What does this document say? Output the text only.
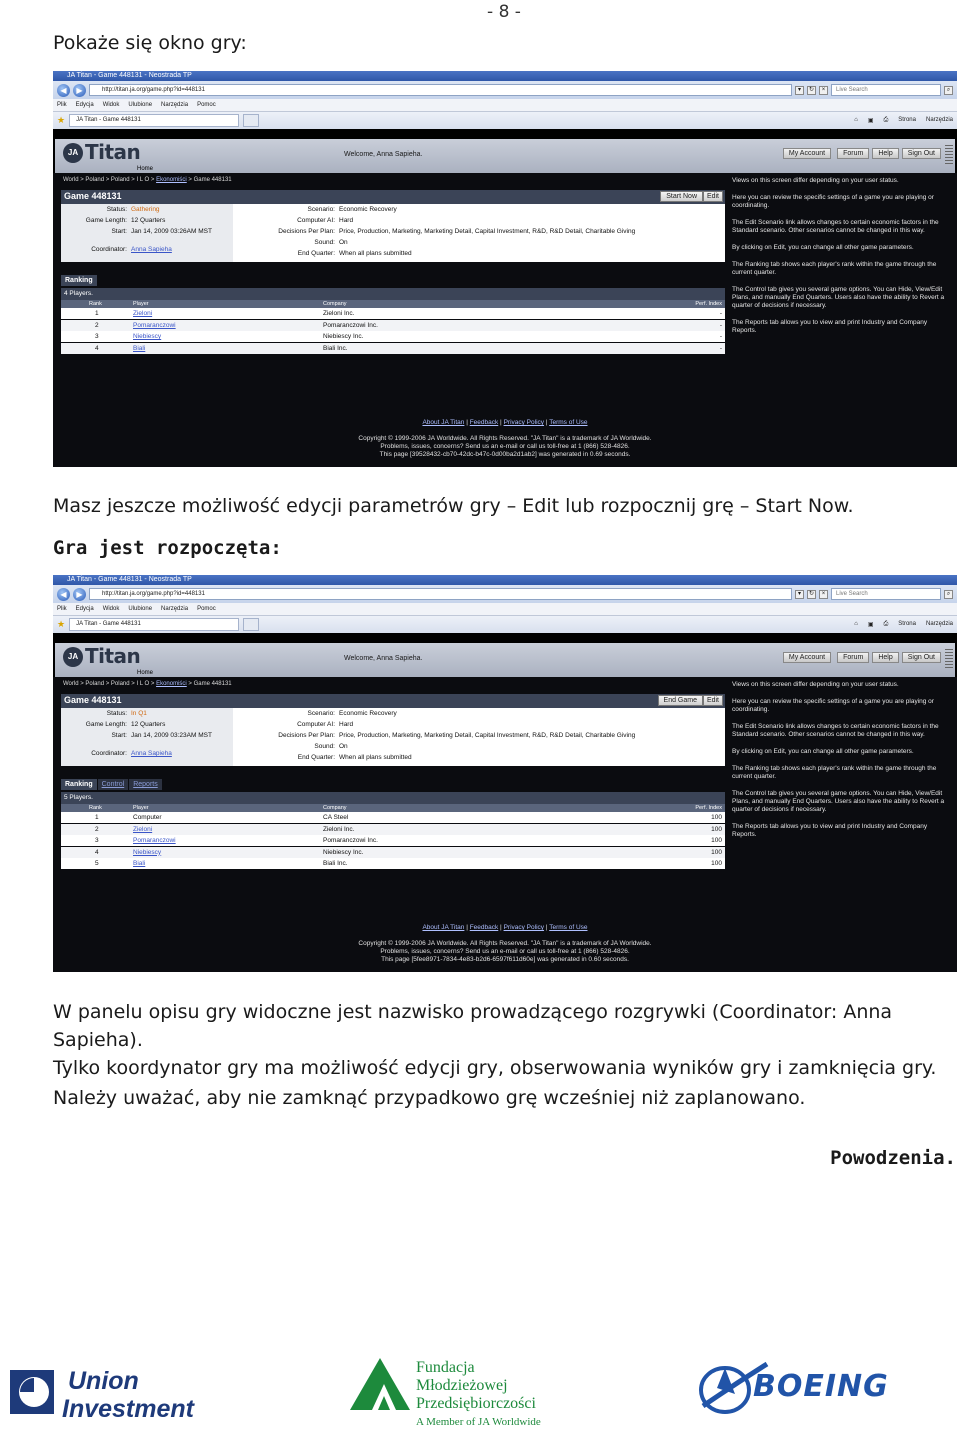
- 8 -
Pokaże się okno gry:
JA Titan - Game 448131 - Neostrada TP
◀	▶	http://titan.ja.org/game.php?id=448131	▾	↻	×	Live Search	⌕
Plik Edycja Widok Ulubione Narzędzia Pomoc
★	JA Titan - Game 448131	⌂ ▣ ⎙ Strona Narzędzia
JA Titan
Home
Welcome, Anna Sapieha.	My Account	Forum	Help	Sign Out
World > Poland > Poland > I L O > Ekonomiści > Game 448131
Game 448131	Start Now	Edit
Status: Gathering
Game Length: 12 Quarters
Start: Jan 14, 2009 03:26AM MST
Coordinator: Anna Sapieha
Scenario: Economic Recovery
Computer AI: Hard
Decisions Per Plan: Price, Production, Marketing, Marketing Detail, Capital Investment, R&D, R&D Detail, Charitable Giving
Sound: On
End Quarter: When all plans submitted
Ranking
4 Players.
Rank	Player	Company	Perf. Index
1	Zieloni	Zieloni Inc.	-
2	Pomaranczowi	Pomaranczowi Inc.	-
3	Niebiescy	Niebiescy Inc.	-
4	Biali	Biali Inc.	-

Views on this screen differ depending on your user status.

Here you can review the specific settings of a game you are playing or coordinating.

The Edit Scenario link allows changes to certain economic factors in the Standard scenario. Other scenarios cannot be changed in this way.

By clicking on Edit, you can change all other game parameters.

The Ranking tab shows each player's rank within the game through the current quarter.

The Control tab gives you several game options. You can Hide, View/Edit Plans, and manually End Quarters. Users also have the ability to Revert a quarter of decisions if necessary.

The Reports tab allows you to view and print Industry and Company Reports.

About JA Titan | Feedback | Privacy Policy | Terms of Use
Copyright © 1999-2006 JA Worldwide. All Rights Reserved. "JA Titan" is a trademark of JA Worldwide.
Problems, issues, concerns? Send us an e-mail or call us toll-free at 1 (866) 528-4826.
This page [39528432-cb70-42dc-b47c-0d00ba2d1ab2] was generated in 0.69 seconds.
Masz jeszcze możliwość edycji parametrów gry – Edit lub rozpocznij grę – Start Now.
Gra jest rozpoczęta:
JA Titan - Game 448131 - Neostrada TP
◀	▶	http://titan.ja.org/game.php?id=448131	▾	↻	×	Live Search	⌕
Plik Edycja Widok Ulubione Narzędzia Pomoc
★	JA Titan - Game 448131	⌂ ▣ ⎙ Strona Narzędzia
JA Titan
Home
Welcome, Anna Sapieha.	My Account	Forum	Help	Sign Out
World > Poland > Poland > I L O > Ekonomiści > Game 448131
Game 448131	End Game	Edit
Status: In Q1
Game Length: 12 Quarters
Start: Jan 14, 2009 03:23AM MST
Coordinator: Anna Sapieha
Scenario: Economic Recovery
Computer AI: Hard
Decisions Per Plan: Price, Production, Marketing, Marketing Detail, Capital Investment, R&D, R&D Detail, Charitable Giving
Sound: On
End Quarter: When all plans submitted
Ranking	Control	Reports
5 Players.
Rank	Player	Company	Perf. Index
1	Computer	CA Steel	100
2	Zieloni	Zieloni Inc.	100
3	Pomaranczowi	Pomaranczowi Inc.	100
4	Niebiescy	Niebiescy Inc.	100
5	Biali	Biali Inc.	100

Views on this screen differ depending on your user status.

Here you can review the specific settings of a game you are playing or coordinating.

The Edit Scenario link allows changes to certain economic factors in the Standard scenario. Other scenarios cannot be changed in this way.

By clicking on Edit, you can change all other game parameters.

The Ranking tab shows each player's rank within the game through the current quarter.

The Control tab gives you several game options. You can Hide, View/Edit Plans, and manually End Quarters. Users also have the ability to Revert a quarter of decisions if necessary.

The Reports tab allows you to view and print Industry and Company Reports.

About JA Titan | Feedback | Privacy Policy | Terms of Use
Copyright © 1999-2006 JA Worldwide. All Rights Reserved. "JA Titan" is a trademark of JA Worldwide.
Problems, issues, concerns? Send us an e-mail or call us toll-free at 1 (866) 528-4826.
This page [5fee8971-7834-4e83-b2d6-6597f611d60e] was generated in 0.60 seconds.
W panelu opisu gry widoczne jest nazwisko prowadzącego rozgrywki (Coordinator: Anna Sapieha).
Tylko koordynator gry ma możliwość edycji gry, obserwowania wyników gry i zamknięcia gry.
Należy uważać, aby nie zamknąć przypadkowo grę wcześniej niż zaplanowano.
Powodzenia.
Union
Investment
Fundacja
Młodzieżowej
Przedsiębiorczości
A Member of JA Worldwide
BOEING
